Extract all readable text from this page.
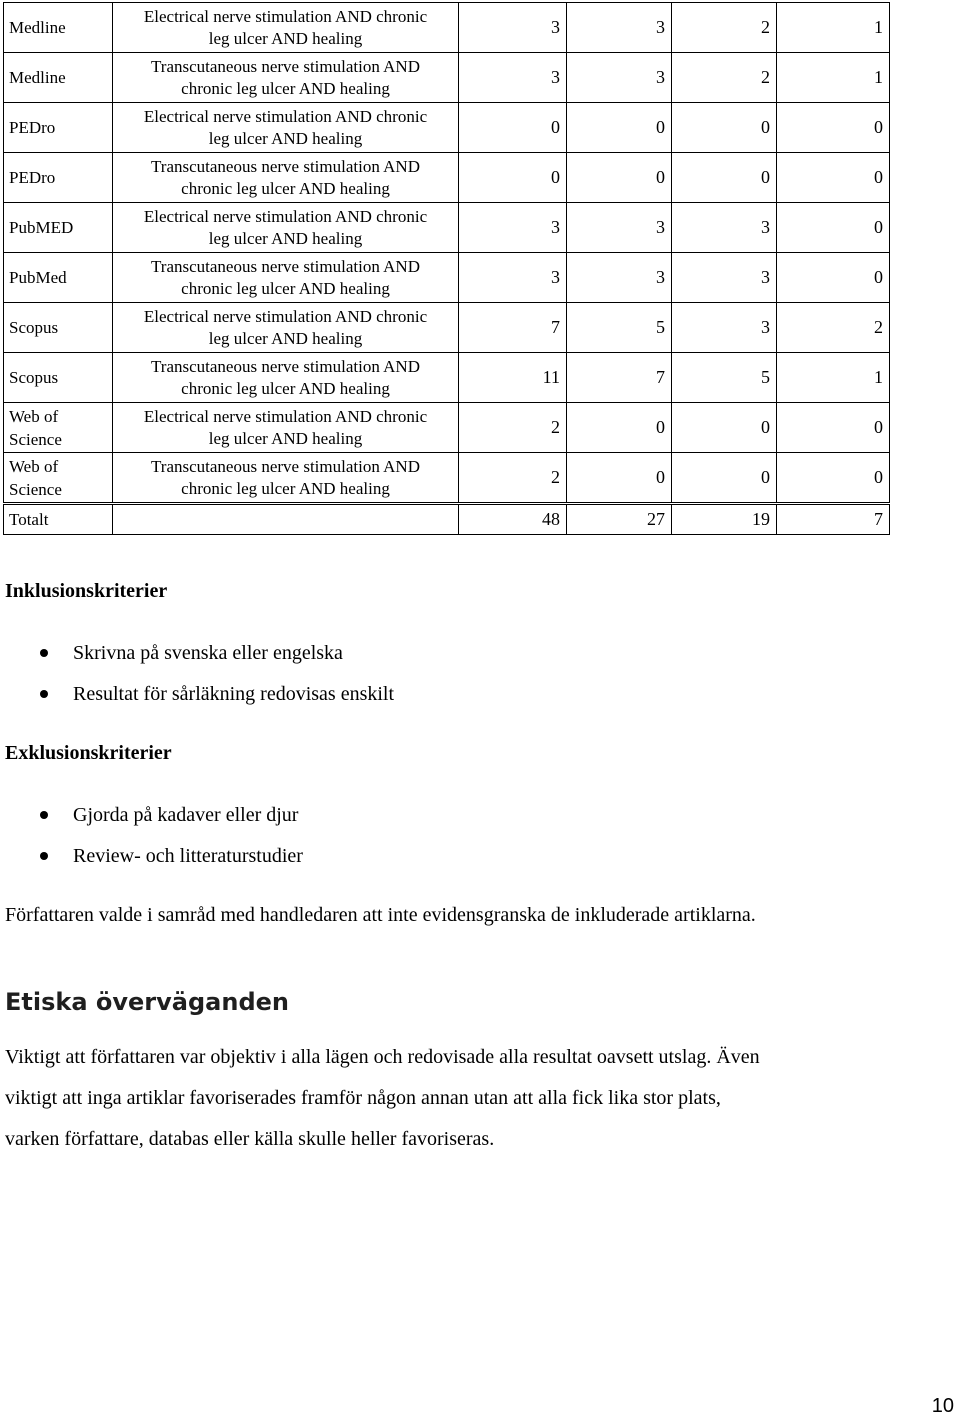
Medline	Electrical nerve stimulation AND chronic
leg ulcer AND healing	3	3	2	1
Medline	Transcutaneous nerve stimulation AND
chronic leg ulcer AND healing	3	3	2	1
PEDro	Electrical nerve stimulation AND chronic
leg ulcer AND healing	0	0	0	0
PEDro	Transcutaneous nerve stimulation AND
chronic leg ulcer AND healing	0	0	0	0
PubMED	Electrical nerve stimulation AND chronic
leg ulcer AND healing	3	3	3	0
PubMed	Transcutaneous nerve stimulation AND
chronic leg ulcer AND healing	3	3	3	0
Scopus	Electrical nerve stimulation AND chronic
leg ulcer AND healing	7	5	3	2
Scopus	Transcutaneous nerve stimulation AND
chronic leg ulcer AND healing	11	7	5	1
Web of Science	Electrical nerve stimulation AND chronic
leg ulcer AND healing	2	0	0	0
Web of Science	Transcutaneous nerve stimulation AND
chronic leg ulcer AND healing	2	0	0	0
Totalt		48	27	19	7
Inklusionskriterier
Skrivna på svenska eller engelska
Resultat för sårläkning redovisas enskilt
Exklusionskriterier
Gjorda på kadaver eller djur
Review- och litteraturstudier
Författaren valde i samråd med handledaren att inte evidensgranska de inkluderade artiklarna.
Etiska överväganden
Viktigt att författaren var objektiv i alla lägen och redovisade alla resultat oavsett utslag. Även
viktigt att inga artiklar favoriserades framför någon annan utan att alla fick lika stor plats,
varken författare, databas eller källa skulle heller favoriseras.
10
